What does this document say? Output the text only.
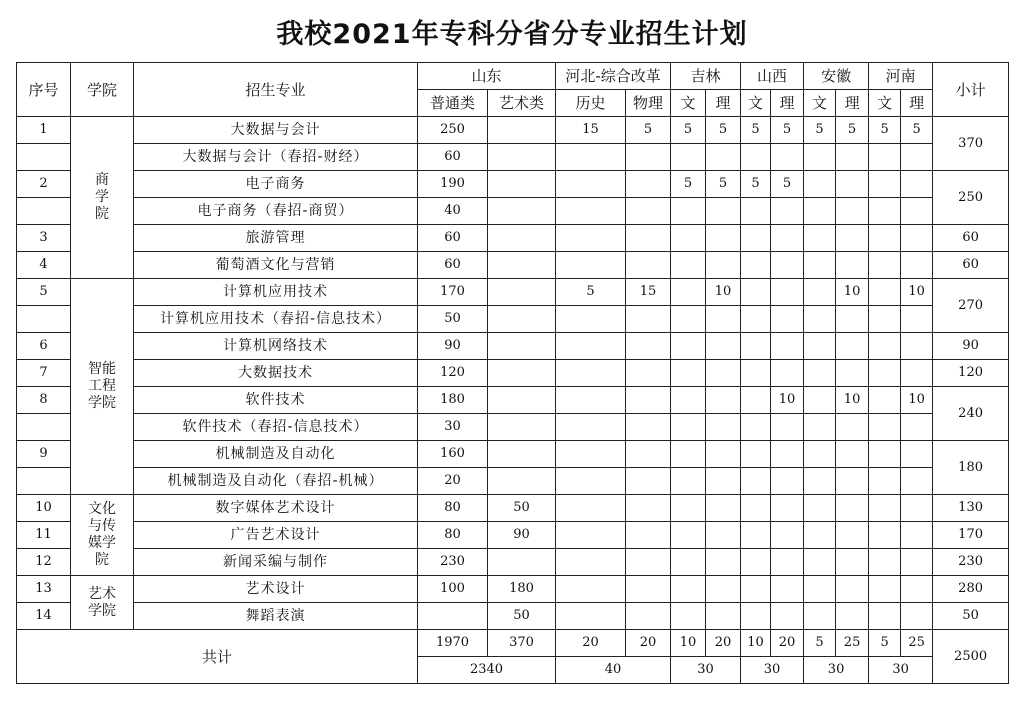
我校2021年专科分省分专业招生计划
序号	学院	招生专业	山东		河北-综合改革		吉林		山西		安徽		河南		小计
			普通类	艺术类	历史	物理	文	理	文	理	文	理	文	理	
1	商学院	大数据与会计	250		15	5	5	5	5	5	5	5	5	5	370
		大数据与会计（春招-财经）	60												
2		电子商务	190				5	5	5	5					250
		电子商务（春招-商贸）	40												
3		旅游管理	60												60
4		葡萄酒文化与营销	60												60
5	智能工程学院	计算机应用技术	170		5	15		10				10		10	270
		计算机应用技术（春招-信息技术）	50												
6		计算机网络技术	90												90
7		大数据技术	120												120
8		软件技术	180							10		10		10	240
		软件技术（春招-信息技术）	30												
9		机械制造及自动化	160												180
		机械制造及自动化（春招-机械）	20												
10	文化与传媒学院	数字媒体艺术设计	80	50											130
11		广告艺术设计	80	90											170
12		新闻采编与制作	230												230
13	艺术学院	艺术设计	100	180											280
14		舞蹈表演		50											50
共计			1970	370	20	20	10	20	10	20	5	25	5	25	2500
			2340		40		30		30		30		30		
